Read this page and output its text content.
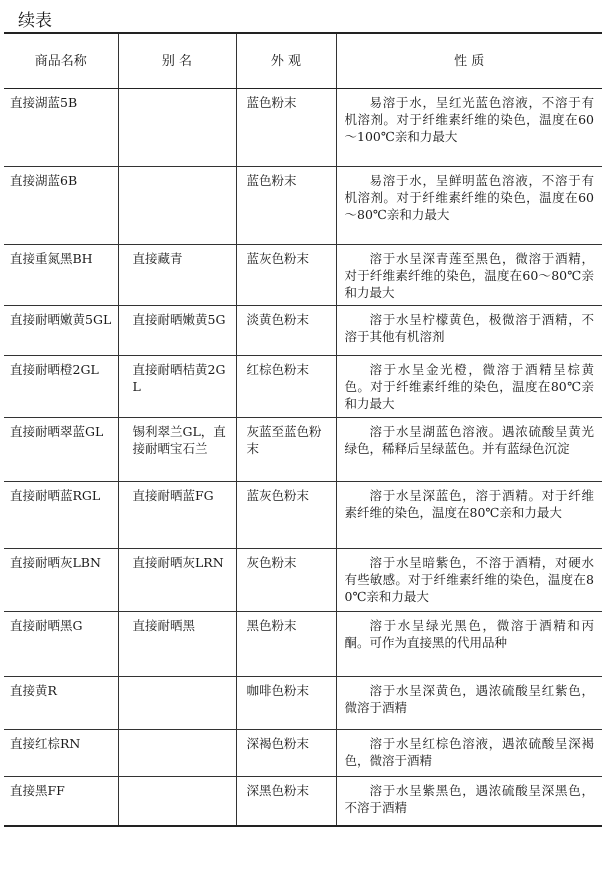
续表
商品名称	别 名	外 观	性 质
直接湖蓝5B		蓝色粉末	易溶于水，呈红光蓝色溶液，不溶于有机溶剂。对于纤维素纤维的染色，温度在60～100℃亲和力最大
直接湖蓝6B		蓝色粉末	易溶于水，呈鲜明蓝色溶液，不溶于有机溶剂。对于纤维素纤维的染色，温度在60～80℃亲和力最大
直接重氮黑BH	直接藏青	蓝灰色粉末	溶于水呈深青莲至黑色，微溶于酒精，对于纤维素纤维的染色，温度在60～80℃亲和力最大
直接耐晒嫩黄5GL	直接耐晒嫩黄5G	淡黄色粉末	溶于水呈柠檬黄色，极微溶于酒精，不溶于其他有机溶剂
直接耐晒橙2GL	直接耐晒桔黄2GL	红棕色粉末	溶于水呈金光橙，微溶于酒精呈棕黄色。对于纤维素纤维的染色，温度在80℃亲和力最大
直接耐晒翠蓝GL	锡利翠兰GL，直接耐晒宝石兰	灰蓝至蓝色粉末	溶于水呈湖蓝色溶液。遇浓硫酸呈黄光绿色，稀释后呈绿蓝色。并有蓝绿色沉淀
直接耐晒蓝RGL	直接耐晒蓝FG	蓝灰色粉末	溶于水呈深蓝色，溶于酒精。对于纤维素纤维的染色，温度在80℃亲和力最大
直接耐晒灰LBN	直接耐晒灰LRN	灰色粉末	溶于水呈暗紫色，不溶于酒精，对硬水有些敏感。对于纤维素纤维的染色，温度在80℃亲和力最大
直接耐晒黑G	直接耐晒黑	黑色粉末	溶于水呈绿光黑色，微溶于酒精和丙酮。可作为直接黑的代用品种
直接黄R		咖啡色粉末	溶于水呈深黄色，遇浓硫酸呈红紫色，微溶于酒精
直接红棕RN		深褐色粉末	溶于水呈红棕色溶液，遇浓硫酸呈深褐色，微溶于酒精
直接黑FF		深黑色粉末	溶于水呈紫黑色，遇浓硫酸呈深黑色，不溶于酒精
